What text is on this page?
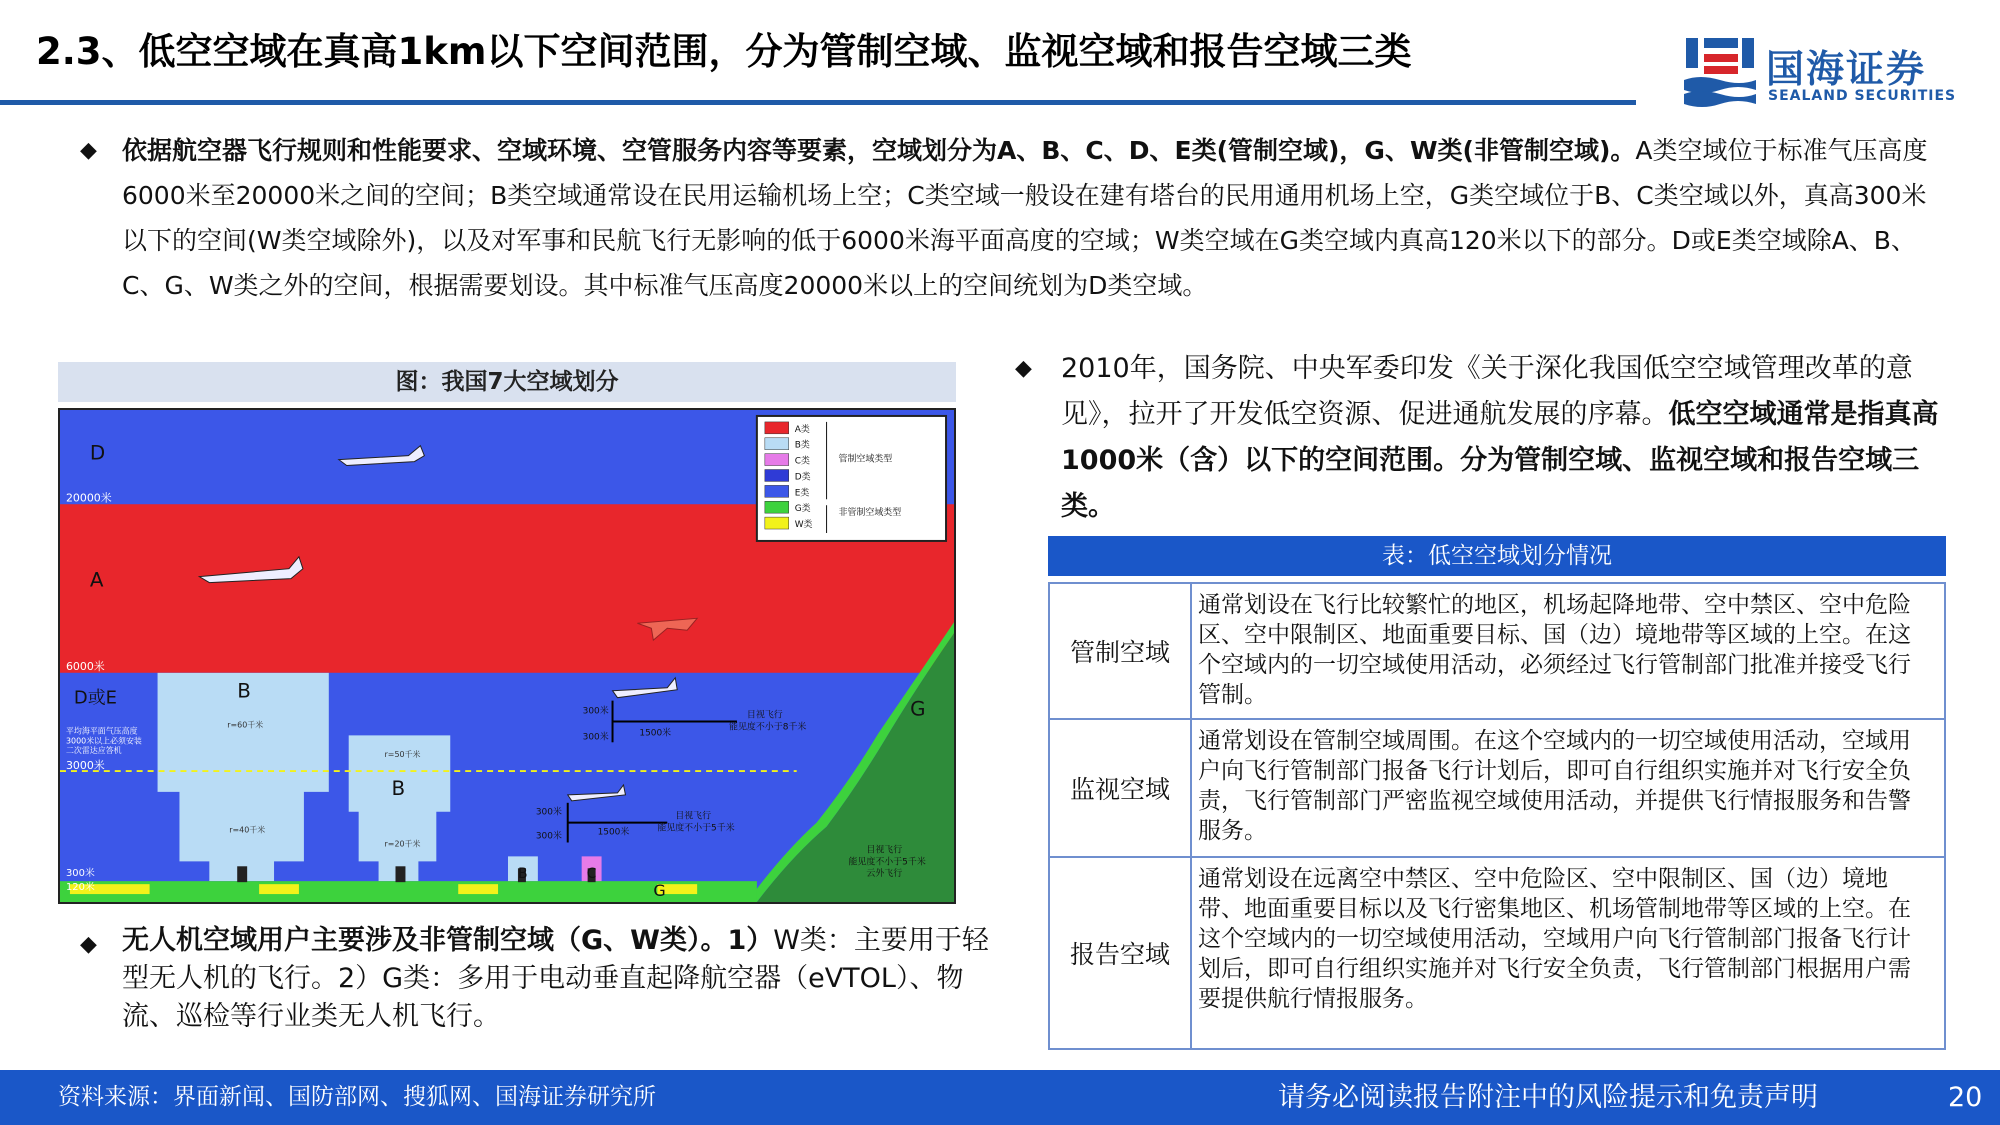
2.3、低空空域在真高1km以下空间范围，分为管制空域、监视空域和报告空域三类	国海证券
SEALAND SECURITIES
◆ 依据航空器飞行规则和性能要求、空域环境、空管服务内容等要素，空域划分为A、B、C、D、E类(管制空域)，G、W类(非管制空域)。A类空域位于标准气压高度6000米至20000米之间的空间；B类空域通常设在民用运输机场上空；C类空域一般设在建有塔台的民用通用机场上空，G类空域位于B、C类空域以外，真高300米以下的空间(W类空域除外)，以及对军事和民航飞行无影响的低于6000米海平面高度的空域；W类空域在G类空域内真高120米以下的部分。D或E类空域除A、B、C、G、W类之外的空间，根据需要划设。其中标准气压高度20000米以上的空间统划为D类空域。

图：我国7大空域划分
A类
B类
C类
D类
E类
G类
W类
D
A
D或E	B
B
B	C
G
G
20000米
6000米
3000米
300米
120米
平均海平面气压高度
3000米以上必须安装
二次雷达应答机
r=60千米
r=50千米
r=40千米
r=20千米
300米
300米	1500米
300米
300米	1500米
目视飞行
能见度不小于8千米
目视飞行
能见度不小于5千米
目视飞行
能见度不小于5千米
云外飞行
管制空域类型
非管制空域类型
◆ 2010年，国务院、中央军委印发《关于深化我国低空空域管理改革的意见》，拉开了开发低空资源、促进通航发展的序幕。低空空域通常是指真高1000米（含）以下的空间范围。分为管制空域、监视空域和报告空域三类。

表：低空空域划分情况
管制空域
通常划设在飞行比较繁忙的地区，机场起降地带、空中禁区、空中危险区、空中限制区、地面重要目标、国（边）境地带等区域的上空。在这个空域内的一切空域使用活动，必须经过飞行管制部门批准并接受飞行管制。
监视空域
通常划设在管制空域周围。在这个空域内的一切空域使用活动，空域用户向飞行管制部门报备飞行计划后，即可自行组织实施并对飞行安全负责，飞行管制部门严密监视空域使用活动，并提供飞行情报服务和告警服务。
报告空域
通常划设在远离空中禁区、空中危险区、空中限制区、国（边）境地带、地面重要目标以及飞行密集地区、机场管制地带等区域的上空。在这个空域内的一切空域使用活动，空域用户向飞行管制部门报备飞行计划后，即可自行组织实施并对飞行安全负责，飞行管制部门根据用户需要提供航行情报服务。
◆ 无人机空域用户主要涉及非管制空域（G、W类）。1）W类：主要用于轻型无人机的飞行。2）G类：多用于电动垂直起降航空器（eVTOL）、物流、巡检等行业类无人机飞行。

资料来源：界面新闻、国防部网、搜狐网、国海证券研究所	请务必阅读报告附注中的风险提示和免责声明	20
